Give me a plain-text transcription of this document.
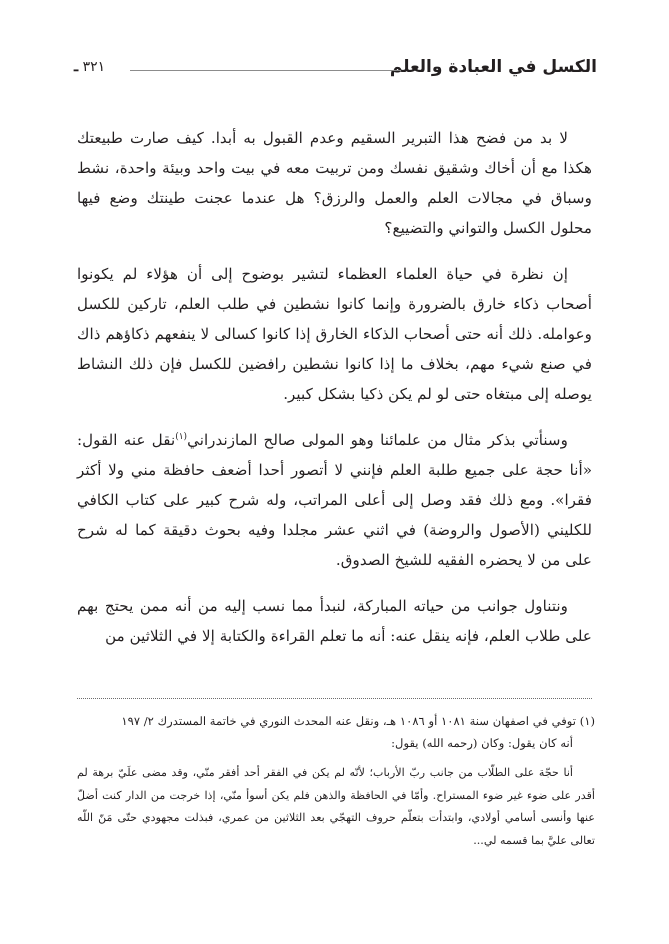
الكسل في العبادة والعلم
٣٢١ ـ

لا بد من فضح هذا التبرير السقيم وعدم القبول به أبدا. كيف صارت طبيعتك هكذا مع أن أخاك وشقيق نفسك ومن تربيت معه في بيت واحد وبيئة واحدة، نشط وسباق في مجالات العلم والعمل والرزق؟ هل عندما عجنت طينتك وضع فيها محلول الكسل والتواني والتضييع؟

إن نظرة في حياة العلماء العظماء لتشير بوضوح إلى أن هؤلاء لم يكونوا أصحاب ذكاء خارق بالضرورة وإنما كانوا نشطين في طلب العلم، تاركين للكسل وعوامله. ذلك أنه حتى أصحاب الذكاء الخارق إذا كانوا كسالى لا ينفعهم ذكاؤهم ذاك في صنع شيء مهم، بخلاف ما إذا كانوا نشطين رافضين للكسل فإن ذلك النشاط يوصله إلى مبتغاه حتى لو لم يكن ذكيا بشكل كبير.

وسنأتي بذكر مثال من علمائنا وهو المولى صالح المازندراني$^{(١)}$نقل عنه القول: «أنا حجة على جميع طلبة العلم فإنني لا أتصور أحدا أضعف حافظة مني ولا أكثر فقرا». ومع ذلك فقد وصل إلى أعلى المراتب، وله شرح كبير على كتاب الكافي للكليني (الأصول والروضة) في اثني عشر مجلدا وفيه بحوث دقيقة كما له شرح على من لا يحضره الفقيه للشيخ الصدوق.

ونتناول جوانب من حياته المباركة، لنبدأ مما نسب إليه من أنه ممن يحتج بهم على طلاب العلم، فإنه ينقل عنه: أنه ما تعلم القراءة والكتابة إلا في الثلاثين من

(١) توفي في اصفهان سنة ١٠٨١ أو ١٠٨٦ هـ، ونقل عنه المحدث النوري في خاتمة المستدرك ٢/ ١٩٧

أنه كان يقول: وكان (رحمه الله) يقول:

أنا حجّة على الطلّاب من جانب ربّ الأرباب؛ لأنّه لم يكن في الفقر أحد أفقر منّي، وقد مضى علَيّ برهة لم أقدر على ضوء غير ضوء المستراح. وأمّا في الحافظة والذهن فلم يكن أسوأ منّي، إذا خرجت من الدار كنت أضلّ عنها وأنسى أسامي أولادي، وابتدأت بتعلّم حروف التهجّي بعد الثلاثين من عمري، فبذلت مجهودي حتّى مَنّ اللّه تعالى عليَّ بما قسمه لي...
